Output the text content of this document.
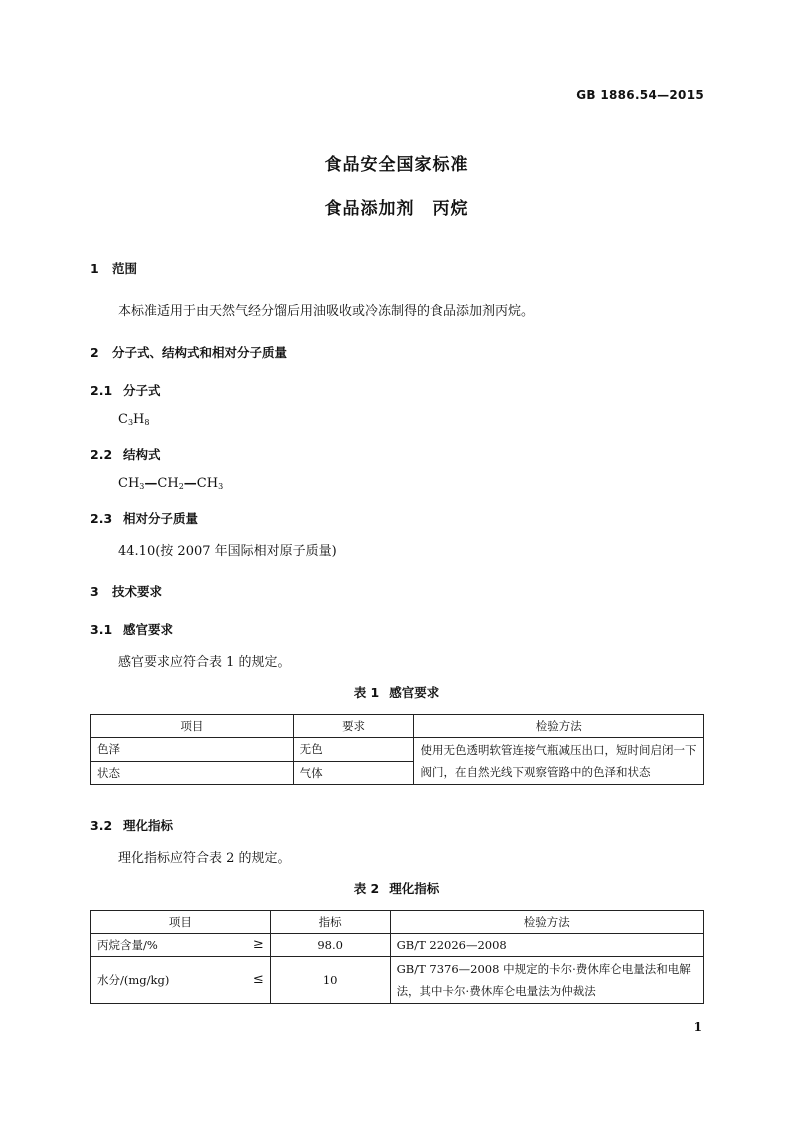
GB 1886.54—2015
食品安全国家标准
食品添加剂　丙烷
1 范围
本标准适用于由天然气经分馏后用油吸收或冷冻制得的食品添加剂丙烷。
2 分子式、结构式和相对分子质量
2.1 分子式
$C_3H_8$
2.2 结构式
$CH_3—CH_2—CH_3$
2.3 相对分子质量
44.10(按 2007 年国际相对原子质量)
3 技术要求
3.1 感官要求
感官要求应符合表 1 的规定。
表 1 感官要求
项目	要求	检验方法
色泽	无色	使用无色透明软管连接气瓶减压出口，短时间启闭一下阀门，在自然光线下观察管路中的色泽和状态
状态	气体	
3.2 理化指标
理化指标应符合表 2 的规定。
表 2 理化指标
项目	指标	检验方法
丙烷含量/% ≥	98.0	GB/T 22026—2008
水分/(mg/kg) ≤	10	GB/T 7376—2008 中规定的卡尔·费休库仑电量法和电解法，其中卡尔·费休库仑电量法为仲裁法
1
